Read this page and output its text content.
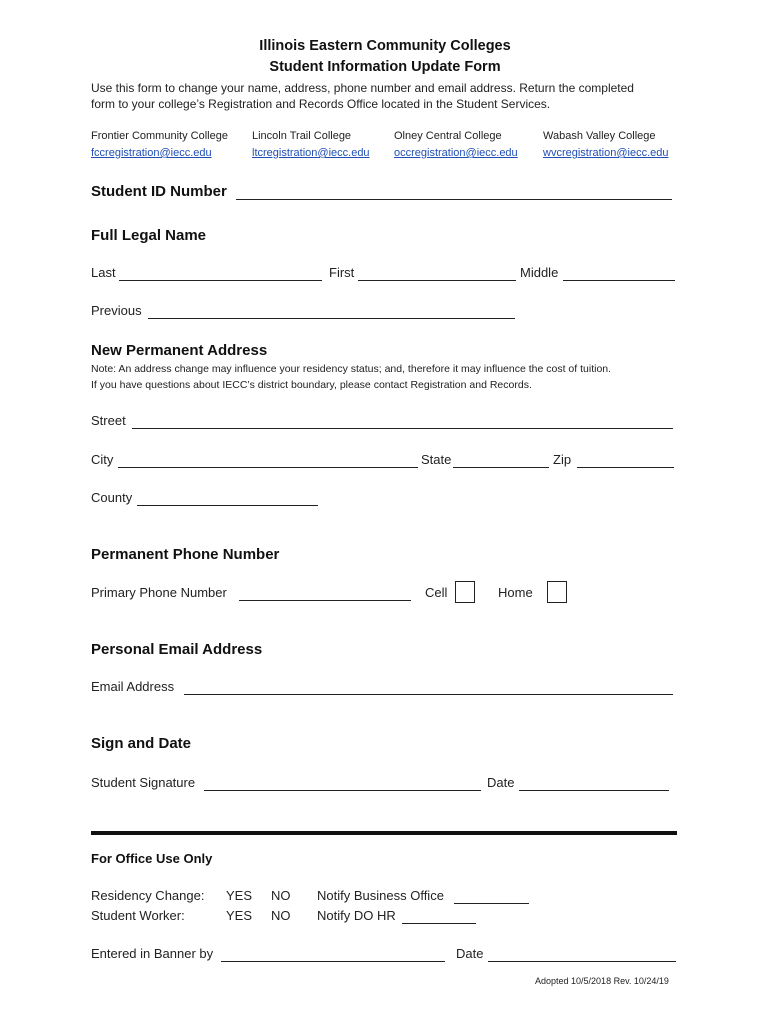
Illinois Eastern Community Colleges
Student Information Update Form
Use this form to change your name, address, phone number and email address. Return the completed
form to your college’s Registration and Records Office located in the Student Services.
Frontier Community College
fccregistration@iecc.edu
Lincoln Trail College
ltcregistration@iecc.edu
Olney Central College
occregistration@iecc.edu
Wabash Valley College
wvcregistration@iecc.edu
Student ID Number
Full Legal Name
Last	First	Middle
Previous
New Permanent Address
Note: An address change may influence your residency status; and, therefore it may influence the cost of tuition.
If you have questions about IECC’s district boundary, please contact Registration and Records.
Street
City	State	Zip
County
Permanent Phone Number
Primary Phone Number	Cell	Home
Personal Email Address
Email Address
Sign and Date
Student Signature	Date
For Office Use Only
Residency Change: YES NO Notify Business Office
Student Worker:	YES NO Notify DO HR
Entered in Banner by	Date
Adopted 10/5/2018 Rev. 10/24/19
